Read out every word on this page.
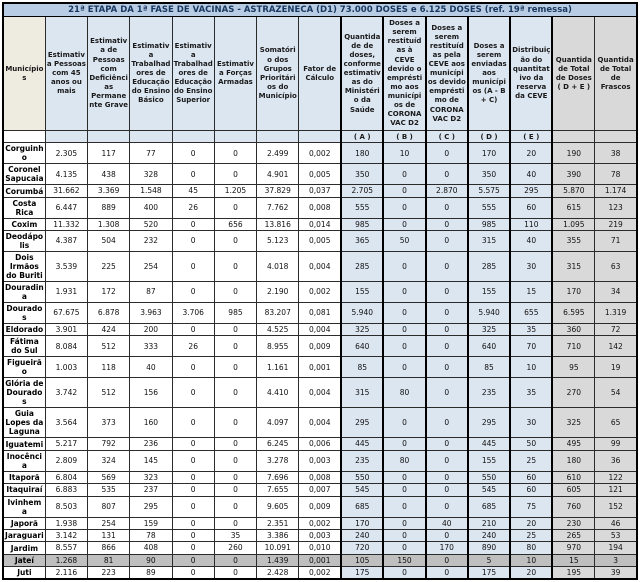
21ª ETAPA DA 1ª FASE DE VACINAS - ASTRAZENECA (D1) 73.000 DOSES e 6.125 DOSES (ref. 19ª remessa)														
Municípios	Estimativa Pessoas com 45 anos ou mais	Estimativa de Pessoas com Deficiências Permanente Grave	Estimativa Trabalhadores de Educação do Ensino Básico	Estimativa Trabalhadores de Educação do Ensino Superior	Estimativa Forças Armadas	Somatório dos Grupos Prioritários do Município	Fator de Cálculo	Quantidade de doses, conforme estimativas do Ministério da Saúde	Doses a serem restituídas à CEVE devido o empréstimo aos municípios de CORONAVAC D2	Doses a serem restituídas pela CEVE aos municípios devido empréstimo de CORONAVAC D2	Doses a serem enviadas aos municípios (A - B + C)	Distribuição do quantitativo da reserva da CEVE	Quantidade Total de Doses ( D + E )	Quantidade Total de Frascos
								( A )	( B )	( C )	( D )	( E )		
Corguinho	2.305	117	77	0	0	2.499	0,002	180	10	0	170	20	190	38
Coronel Sapucaia	4.135	438	328	0	0	4.901	0,005	350	0	0	350	40	390	78
Corumbá	31.662	3.369	1.548	45	1.205	37.829	0,037	2.705	0	2.870	5.575	295	5.870	1.174
Costa Rica	6.447	889	400	26	0	7.762	0,008	555	0	0	555	60	615	123
Coxim	11.332	1.308	520	0	656	13.816	0,014	985	0	0	985	110	1.095	219
Deodápolis	4.387	504	232	0	0	5.123	0,005	365	50	0	315	40	355	71
Dois Irmãos do Buriti	3.539	225	254	0	0	4.018	0,004	285	0	0	285	30	315	63
Douradina	1.931	172	87	0	0	2.190	0,002	155	0	0	155	15	170	34
Dourados	67.675	6.878	3.963	3.706	985	83.207	0,081	5.940	0	0	5.940	655	6.595	1.319
Eldorado	3.901	424	200	0	0	4.525	0,004	325	0	0	325	35	360	72
Fátima do Sul	8.084	512	333	26	0	8.955	0,009	640	0	0	640	70	710	142
Figueirão	1.003	118	40	0	0	1.161	0,001	85	0	0	85	10	95	19
Glória de Dourados	3.742	512	156	0	0	4.410	0,004	315	80	0	235	35	270	54
Guia Lopes da Laguna	3.564	373	160	0	0	4.097	0,004	295	0	0	295	30	325	65
Iguatemi	5.217	792	236	0	0	6.245	0,006	445	0	0	445	50	495	99
Inocência	2.809	324	145	0	0	3.278	0,003	235	80	0	155	25	180	36
Itaporã	6.804	569	323	0	0	7.696	0,008	550	0	0	550	60	610	122
Itaquiraí	6.883	535	237	0	0	7.655	0,007	545	0	0	545	60	605	121
Ivinhema	8.503	807	295	0	0	9.605	0,009	685	0	0	685	75	760	152
Japorã	1.938	254	159	0	0	2.351	0,002	170	0	40	210	20	230	46
Jaraguari	3.142	131	78	0	35	3.386	0,003	240	0	0	240	25	265	53
Jardim	8.557	866	408	0	260	10.091	0,010	720	0	170	890	80	970	194
Jateí	1.268	81	90	0	0	1.439	0,001	105	150	0	5	10	15	3
Juti	2.116	223	89	0	0	2.428	0,002	175	0	0	175	20	195	39
